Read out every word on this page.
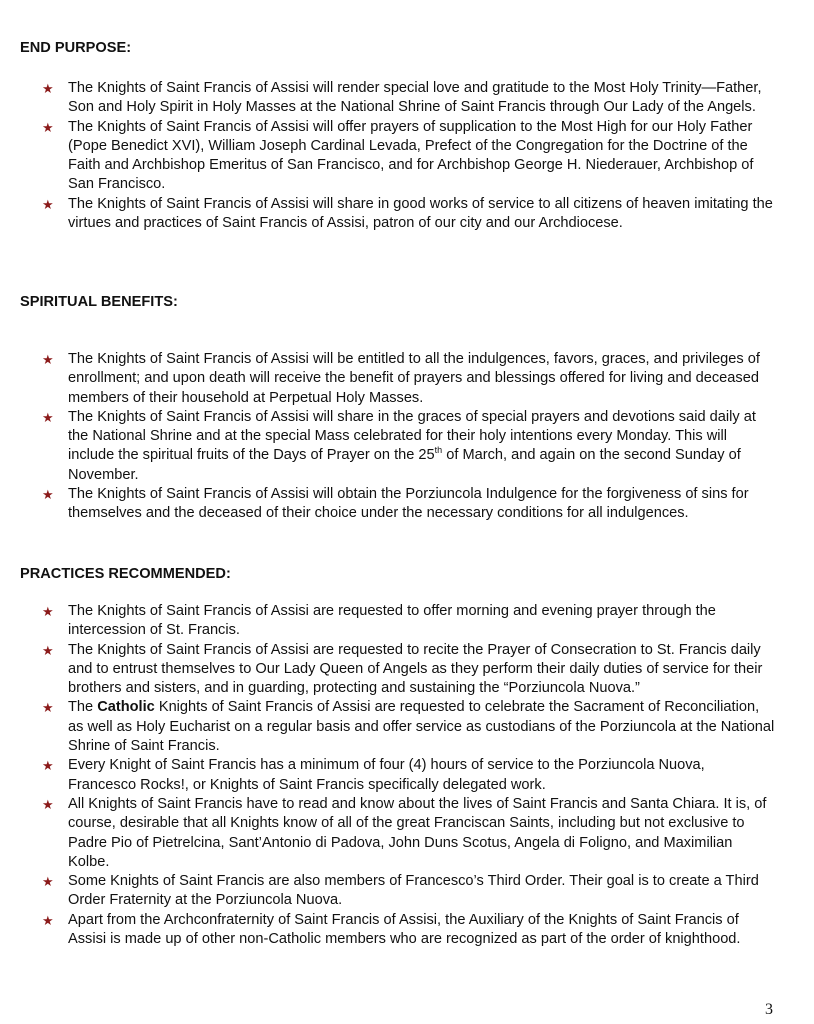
END PURPOSE:
★ The Knights of Saint Francis of Assisi will render special love and gratitude to the Most Holy Trinity—Father, Son and Holy Spirit in Holy Masses at the National Shrine of Saint Francis through Our Lady of the Angels.
★ The Knights of Saint Francis of Assisi will offer prayers of supplication to the Most High for our Holy Father (Pope Benedict XVI), William Joseph Cardinal Levada, Prefect of the Congregation for the Doctrine of the Faith and Archbishop Emeritus of San Francisco, and for Archbishop George H. Niederauer, Archbishop of San Francisco.
★ The Knights of Saint Francis of Assisi will share in good works of service to all citizens of heaven imitating the virtues and practices of Saint Francis of Assisi, patron of our city and our Archdiocese.
SPIRITUAL BENEFITS:
★ The Knights of Saint Francis of Assisi will be entitled to all the indulgences, favors, graces, and privileges of enrollment; and upon death will receive the benefit of prayers and blessings offered for living and deceased members of their household at Perpetual Holy Masses.
★ The Knights of Saint Francis of Assisi will share in the graces of special prayers and devotions said daily at the National Shrine and at the special Mass celebrated for their holy intentions every Monday. This will include the spiritual fruits of the Days of Prayer on the 25th of March, and again on the second Sunday of November.
★ The Knights of Saint Francis of Assisi will obtain the Porziuncola Indulgence for the forgiveness of sins for themselves and the deceased of their choice under the necessary conditions for all indulgences.
PRACTICES RECOMMENDED:
★ The Knights of Saint Francis of Assisi are requested to offer morning and evening prayer through the intercession of St. Francis.
★ The Knights of Saint Francis of Assisi are requested to recite the Prayer of Consecration to St. Francis daily and to entrust themselves to Our Lady Queen of Angels as they perform their daily duties of service for their brothers and sisters, and in guarding, protecting and sustaining the “Porziuncola Nuova.”
★ The Catholic Knights of Saint Francis of Assisi are requested to celebrate the Sacrament of Reconciliation, as well as Holy Eucharist on a regular basis and offer service as custodians of the Porziuncola at the National Shrine of Saint Francis.
★ Every Knight of Saint Francis has a minimum of four (4) hours of service to the Porziuncola Nuova, Francesco Rocks!, or Knights of Saint Francis specifically delegated work.
★ All Knights of Saint Francis have to read and know about the lives of Saint Francis and Santa Chiara. It is, of course, desirable that all Knights know of all of the great Franciscan Saints, including but not exclusive to Padre Pio of Pietrelcina, Sant’Antonio di Padova, John Duns Scotus, Angela di Foligno, and Maximilian Kolbe.
★ Some Knights of Saint Francis are also members of Francesco’s Third Order. Their goal is to create a Third Order Fraternity at the Porziuncola Nuova.
★ Apart from the Archconfraternity of Saint Francis of Assisi, the Auxiliary of the Knights of Saint Francis of Assisi is made up of other non-Catholic members who are recognized as part of the order of knighthood.
3
